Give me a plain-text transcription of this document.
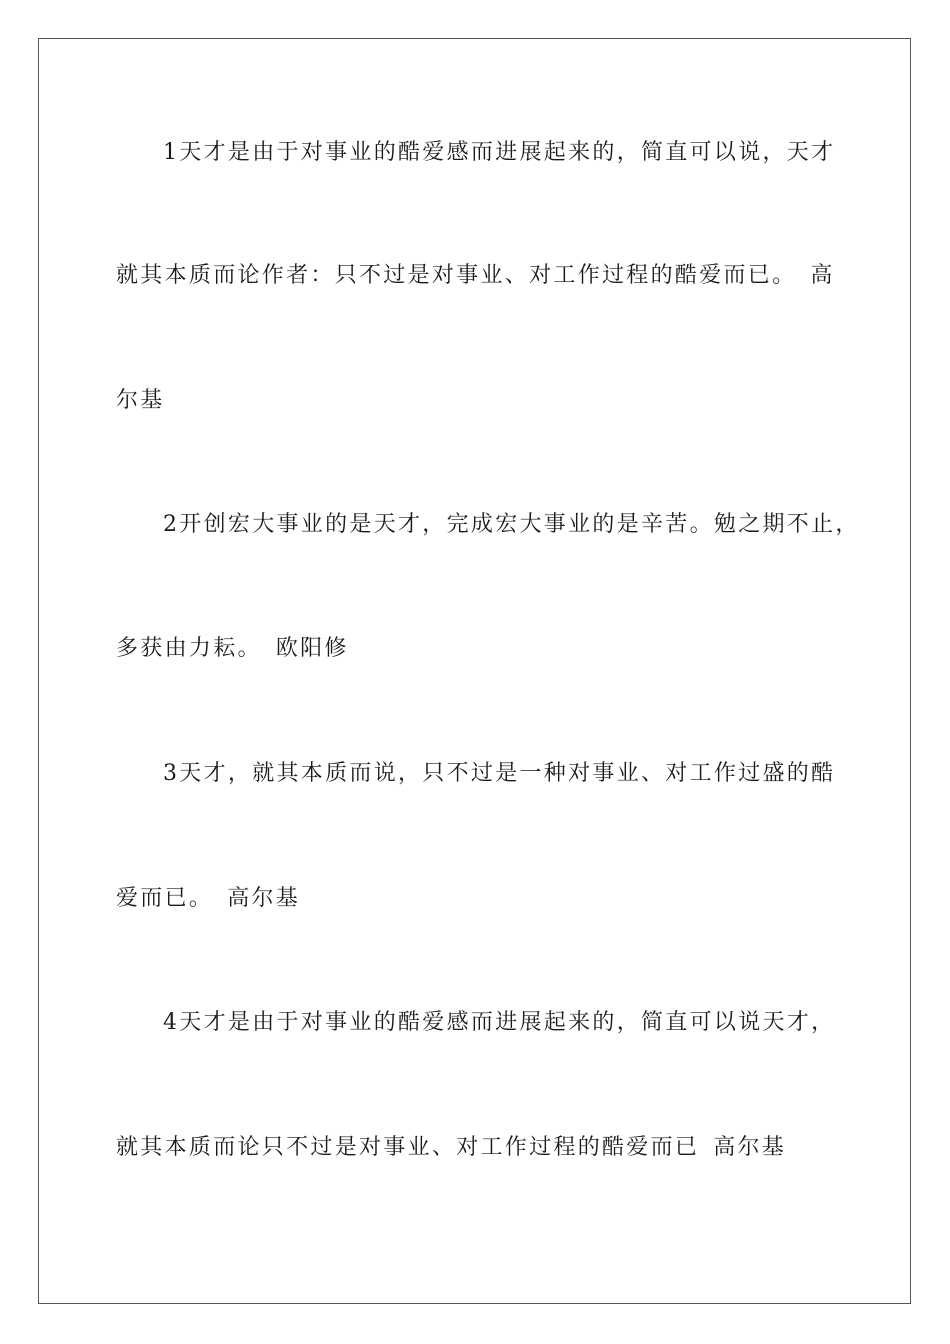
1天才是由于对事业的酷爱感而进展起来的，简直可以说，天才
就其本质而论作者：只不过是对事业、对工作过程的酷爱而已。 高
尔基
2开创宏大事业的是天才，完成宏大事业的是辛苦。勉之期不止，
多获由力耘。 欧阳修
3天才，就其本质而说，只不过是一种对事业、对工作过盛的酷
爱而已。 高尔基
4天才是由于对事业的酷爱感而进展起来的，简直可以说天才，
就其本质而论只不过是对事业、对工作过程的酷爱而已 高尔基
